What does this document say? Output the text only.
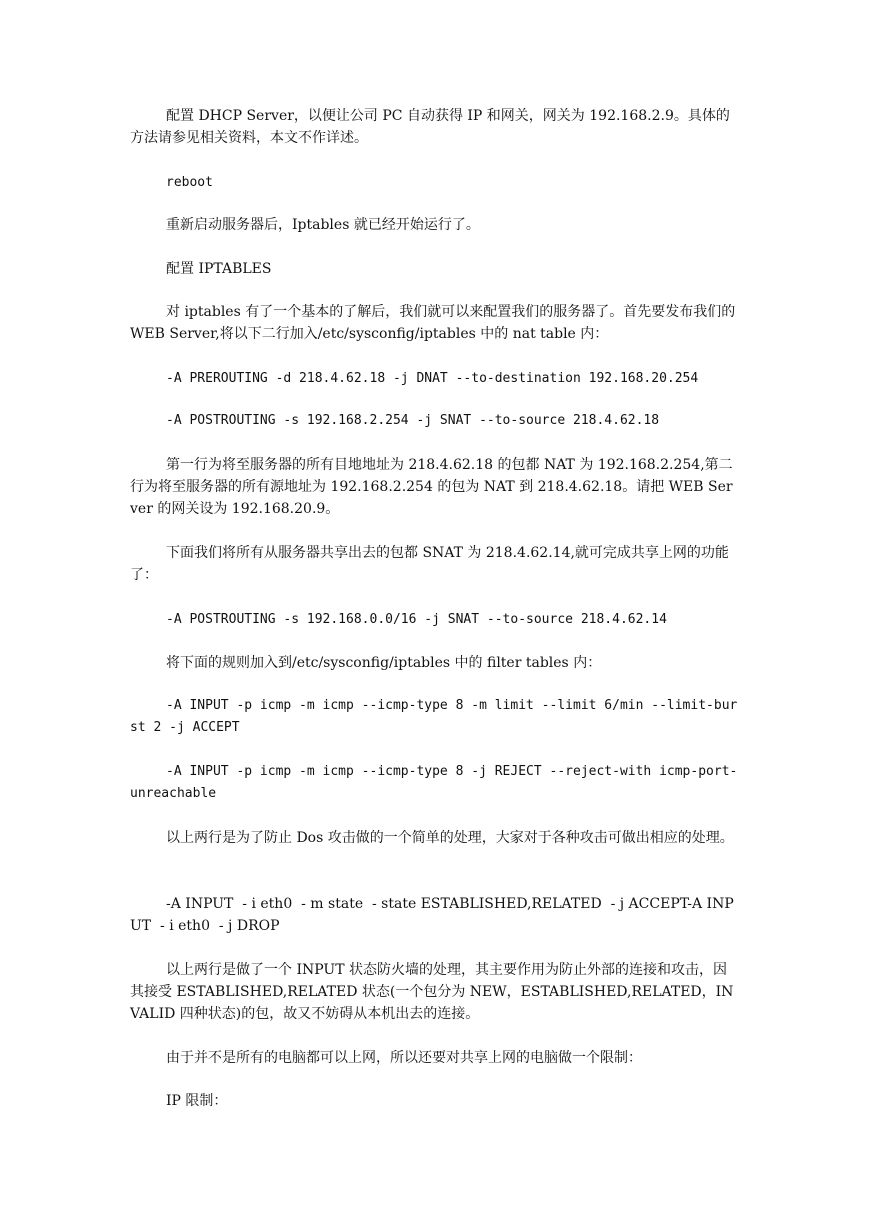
配置 DHCP Server，以便让公司 PC 自动获得 IP 和网关，网关为 192.168.2.9。具体的方法请参见相关资料，本文不作详述。

reboot

重新启动服务器后，Iptables 就已经开始运行了。

配置 IPTABLES

对 iptables 有了一个基本的了解后，我们就可以来配置我们的服务器了。首先要发布我们的 WEB Server,将以下二行加入/etc/sysconfig/iptables 中的 nat table 内：

-A PREROUTING -d 218.4.62.18 -j DNAT --to-destination 192.168.20.254

-A POSTROUTING -s 192.168.2.254 -j SNAT --to-source 218.4.62.18

第一行为将至服务器的所有目地地址为 218.4.62.18 的包都 NAT 为 192.168.2.254,第二行为将至服务器的所有源地址为 192.168.2.254 的包为 NAT 到 218.4.62.18。请把 WEB Server 的网关设为 192.168.20.9。

下面我们将所有从服务器共享出去的包都 SNAT 为 218.4.62.14,就可完成共享上网的功能了：

-A POSTROUTING -s 192.168.0.0/16 -j SNAT --to-source 218.4.62.14

将下面的规则加入到/etc/sysconfig/iptables 中的 filter tables 内：

-A INPUT -p icmp -m icmp --icmp-type 8 -m limit --limit 6/min --limit-burst 2 -j ACCEPT

-A INPUT -p icmp -m icmp --icmp-type 8 -j REJECT --reject-with icmp-port-unreachable

以上两行是为了防止 Dos 攻击做的一个简单的处理，大家对于各种攻击可做出相应的处理。

-A INPUT  - i eth0  - m state  - state ESTABLISHED,RELATED  - j ACCEPT-A INPUT  - i eth0  - j DROP

以上两行是做了一个 INPUT 状态防火墙的处理，其主要作用为防止外部的连接和攻击，因其接受 ESTABLISHED,RELATED 状态(一个包分为 NEW，ESTABLISHED,RELATED，INVALID 四种状态)的包，故又不妨碍从本机出去的连接。

由于并不是所有的电脑都可以上网，所以还要对共享上网的电脑做一个限制：

IP 限制：
